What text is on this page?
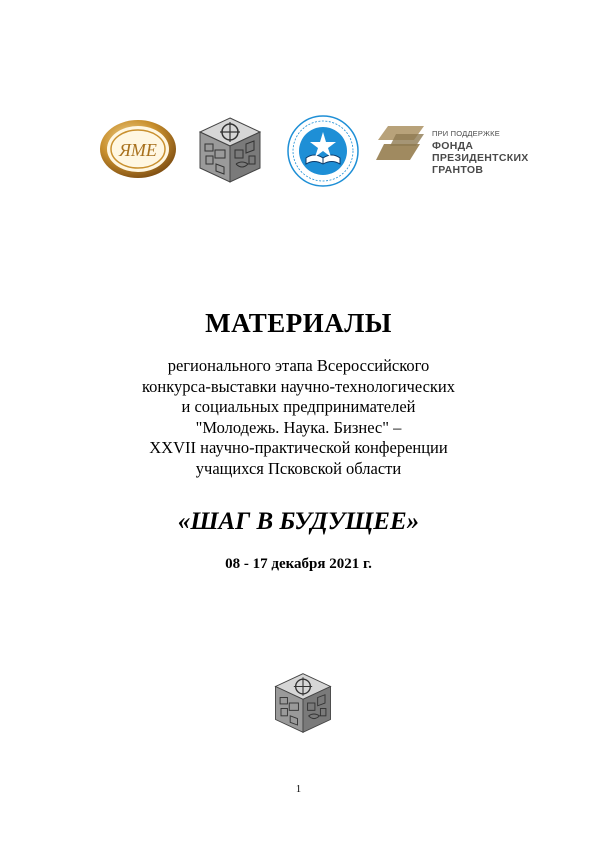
ЯМЕ
ПРИ ПОДДЕРЖКЕ
ФОНДА
ПРЕЗИДЕНТСКИХ
ГРАНТОВ
МАТЕРИАЛЫ
регионального этапа Всероссийского
конкурса-выставки научно-технологических
и социальных предпринимателей
"Молодежь. Наука. Бизнес" –
XXVII научно-практической конференции
учащихся Псковской области
«ШАГ В БУДУЩЕЕ»
08 - 17 декабря 2021 г.
1
